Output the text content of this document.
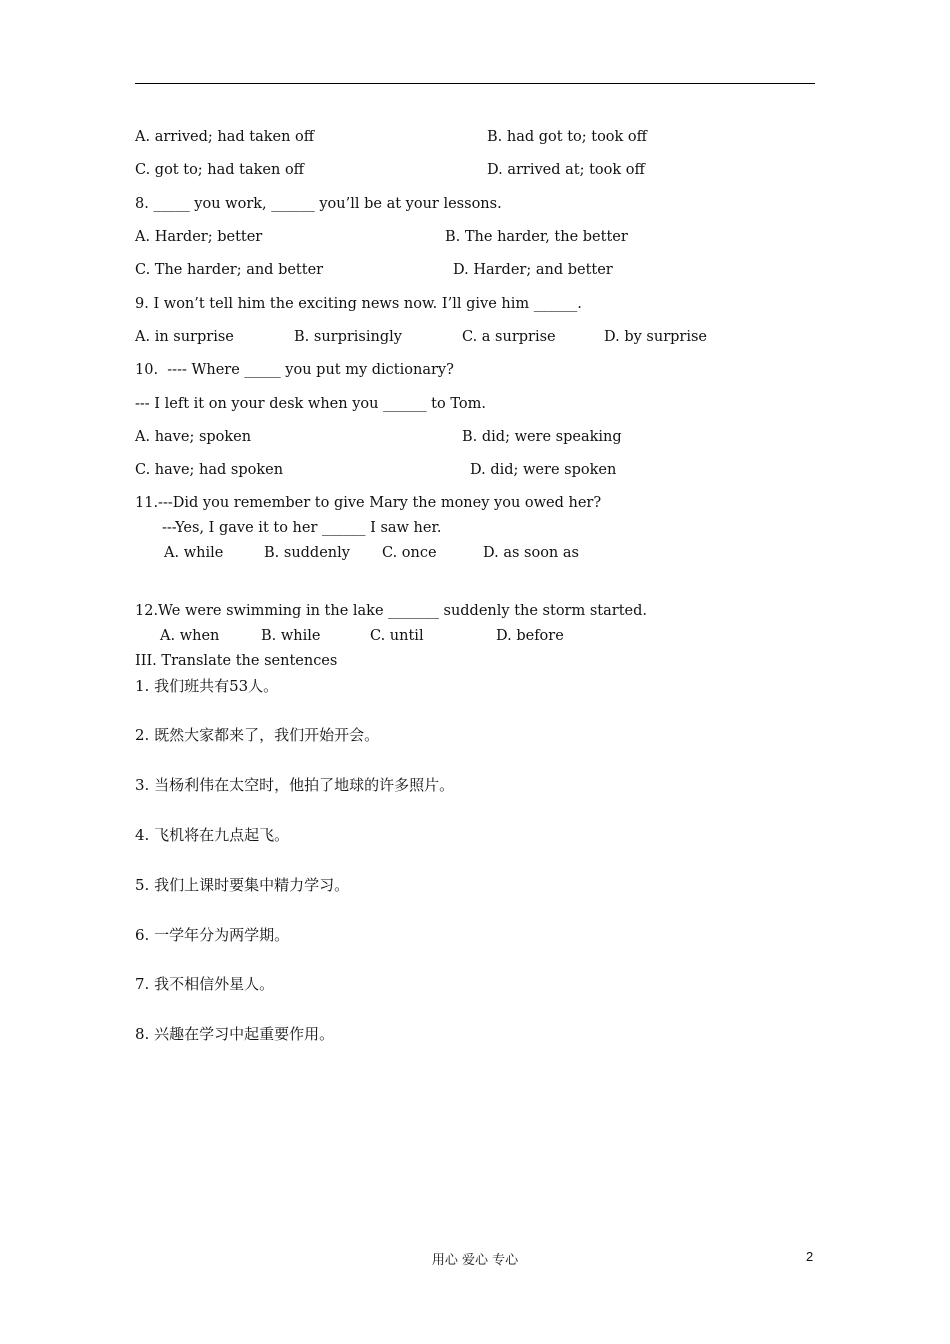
A. arrived; had taken off	B. had got to; took off
C. got to; had taken off	D. arrived at; took off
8. _____ you work, ______ you’ll be at your lessons.
A. Harder; better	B. The harder, the better
C. The harder; and better	D. Harder; and better
9. I won’t tell him the exciting news now. I’ll give him ______.
A. in surprise	B. surprisingly	C. a surprise	D. by surprise
10.  ---- Where _____ you put my dictionary?
--- I left it on your desk when you ______ to Tom.
A. have; spoken	B. did; were speaking
C. have; had spoken	D. did; were spoken
11.---Did you remember to give Mary the money you owed her?
---Yes, I gave it to her ______ I saw her.
A. while	B. suddenly C. once	D. as soon as
12.We were swimming in the lake _______ suddenly the storm started.
A. when	B. while	C. until	D. before
III. Translate the sentences
1. 我们班共有53人。
2. 既然大家都来了，我们开始开会。
3. 当杨利伟在太空时，他拍了地球的许多照片。
4. 飞机将在九点起飞。
5. 我们上课时要集中精力学习。
6. 一学年分为两学期。
7. 我不相信外星人。
8. 兴趣在学习中起重要作用。
用心 爱心 专心	2
